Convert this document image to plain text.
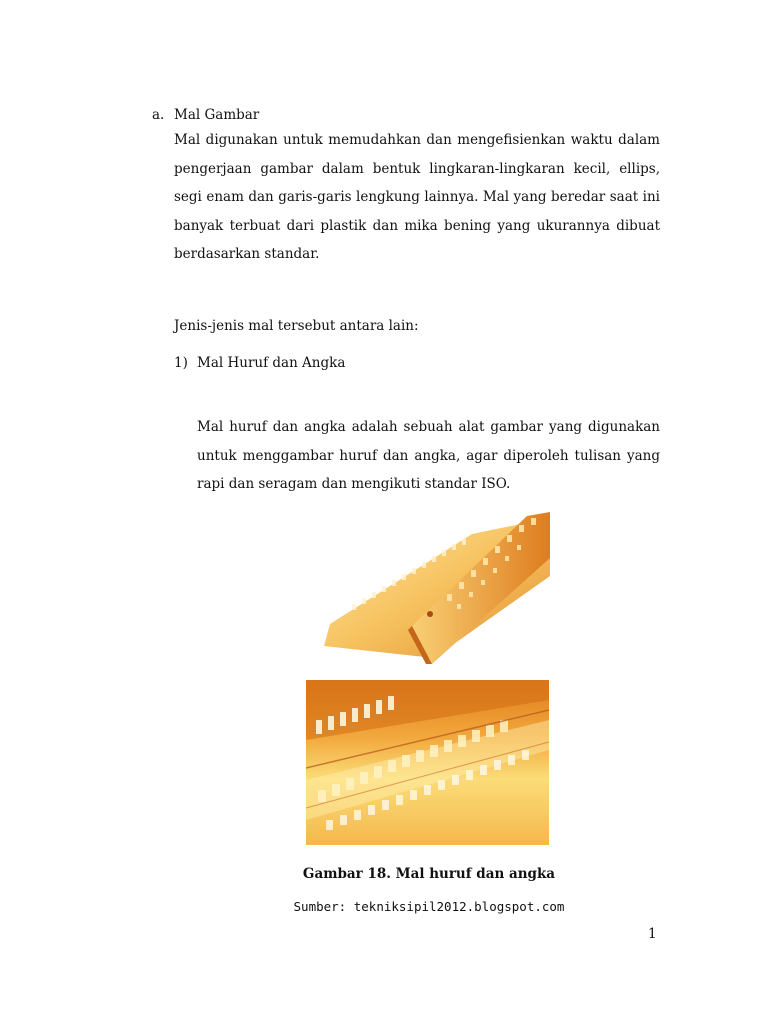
a. Mal Gambar
Mal digunakan untuk memudahkan dan mengefisienkan waktu dalam pengerjaan gambar dalam bentuk lingkaran-lingkaran kecil, ellips, segi enam dan garis-garis lengkung lainnya. Mal yang beredar saat ini banyak terbuat dari plastik dan mika bening yang ukurannya dibuat berdasarkan standar.
Jenis-jenis mal tersebut antara lain:
1) Mal Huruf dan Angka
Mal huruf dan angka adalah sebuah alat gambar yang digunakan untuk menggambar huruf dan angka, agar diperoleh tulisan yang rapi dan seragam dan mengikuti standar ISO.
Gambar 18. Mal huruf dan angka
Sumber: tekniksipil2012.blogspot.com
1
